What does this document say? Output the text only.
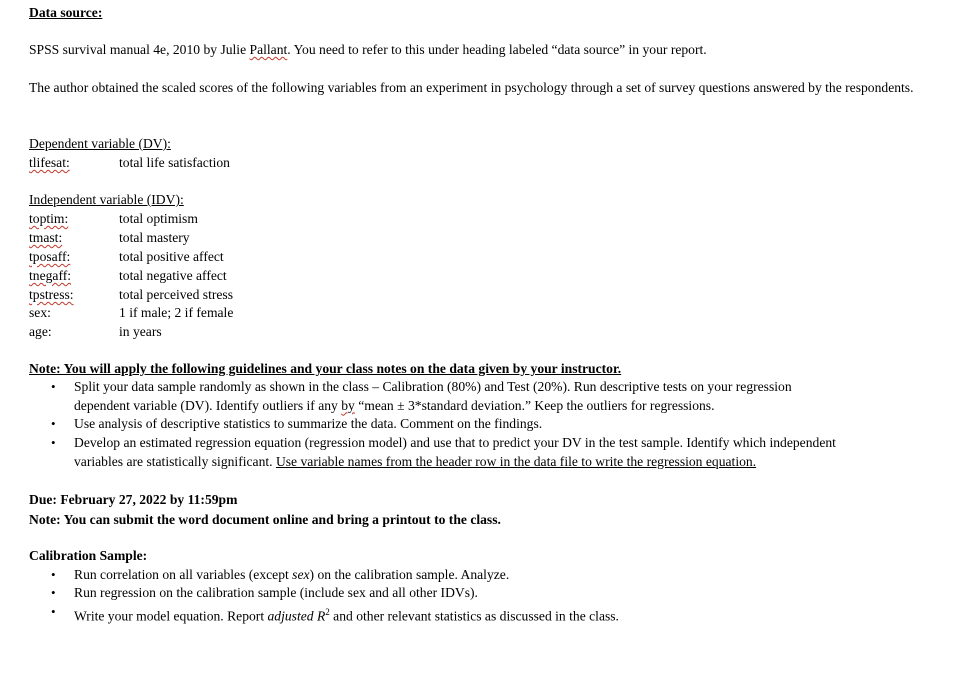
Data source:
SPSS survival manual 4e, 2010 by Julie Pallant. You need to refer to this under heading labeled “data source” in your report.
The author obtained the scaled scores of the following variables from an experiment in psychology through a set of survey questions answered by the respondents.
Dependent variable (DV):
tlifesat:	total life satisfaction
Independent variable (IDV):
toptim:	total optimism
tmast:	total mastery
tposaff:	total positive affect
tnegaff:	total negative affect
tpstress:	total perceived stress
sex:	1 if male; 2 if female
age:	in years
Note: You will apply the following guidelines and your class notes on the data given by your instructor.
• Split your data sample randomly as shown in the class – Calibration (80%) and Test (20%). Run descriptive tests on your regression
dependent variable (DV). Identify outliers if any by “mean ± 3*standard deviation.” Keep the outliers for regressions.
• Use analysis of descriptive statistics to summarize the data. Comment on the findings.
• Develop an estimated regression equation (regression model) and use that to predict your DV in the test sample. Identify which independent
variables are statistically significant. Use variable names from the header row in the data file to write the regression equation.
Due: February 27, 2022 by 11:59pm
Note: You can submit the word document online and bring a printout to the class.
Calibration Sample:
• Run correlation on all variables (except sex) on the calibration sample. Analyze.
• Run regression on the calibration sample (include sex and all other IDVs).
• Write your model equation. Report adjusted $R^2$ and other relevant statistics as discussed in the class.
